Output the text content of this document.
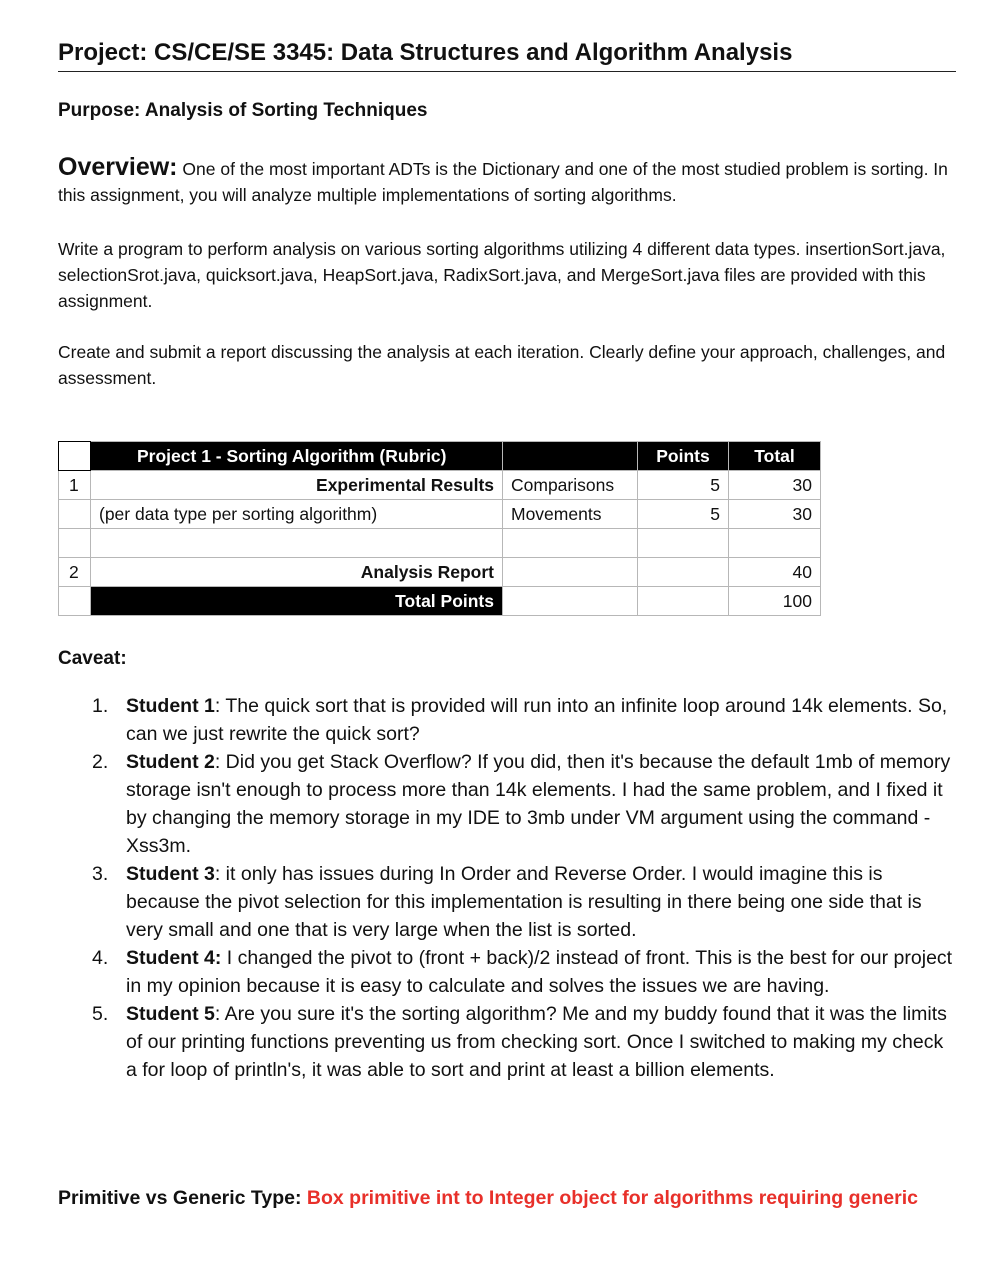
Project: CS/CE/SE 3345: Data Structures and Algorithm Analysis
Purpose: Analysis of Sorting Techniques
Overview: One of the most important ADTs is the Dictionary and one of the most studied problem is sorting. In this assignment, you will analyze multiple implementations of sorting algorithms.
Write a program to perform analysis on various sorting algorithms utilizing 4 different data types. insertionSort.java, selectionSrot.java, quicksort.java, HeapSort.java, RadixSort.java, and MergeSort.java files are provided with this assignment.
Create and submit a report discussing the analysis at each iteration. Clearly define your approach, challenges, and assessment.
	Project 1 - Sorting Algorithm (Rubric)		Points	Total
1	Experimental Results	Comparisons	5	30
	(per data type per sorting algorithm)	Movements	5	30

2	Analysis Report			40
	Total Points			100
Caveat:
1. Student 1: The quick sort that is provided will run into an infinite loop around 14k elements. So, can we just rewrite the quick sort?
2. Student 2: Did you get Stack Overflow? If you did, then it's because the default 1mb of memory storage isn't enough to process more than 14k elements. I had the same problem, and I fixed it by changing the memory storage in my IDE to 3mb under VM argument using the command -Xss3m.
3. Student 3: it only has issues during In Order and Reverse Order. I would imagine this is because the pivot selection for this implementation is resulting in there being one side that is very small and one that is very large when the list is sorted.
4. Student 4: I changed the pivot to (front + back)/2 instead of front. This is the best for our project in my opinion because it is easy to calculate and solves the issues we are having.
5. Student 5: Are you sure it's the sorting algorithm? Me and my buddy found that it was the limits of our printing functions preventing us from checking sort. Once I switched to making my check a for loop of println's, it was able to sort and print at least a billion elements.
Primitive vs Generic Type: Box primitive int to Integer object for algorithms requiring generic
